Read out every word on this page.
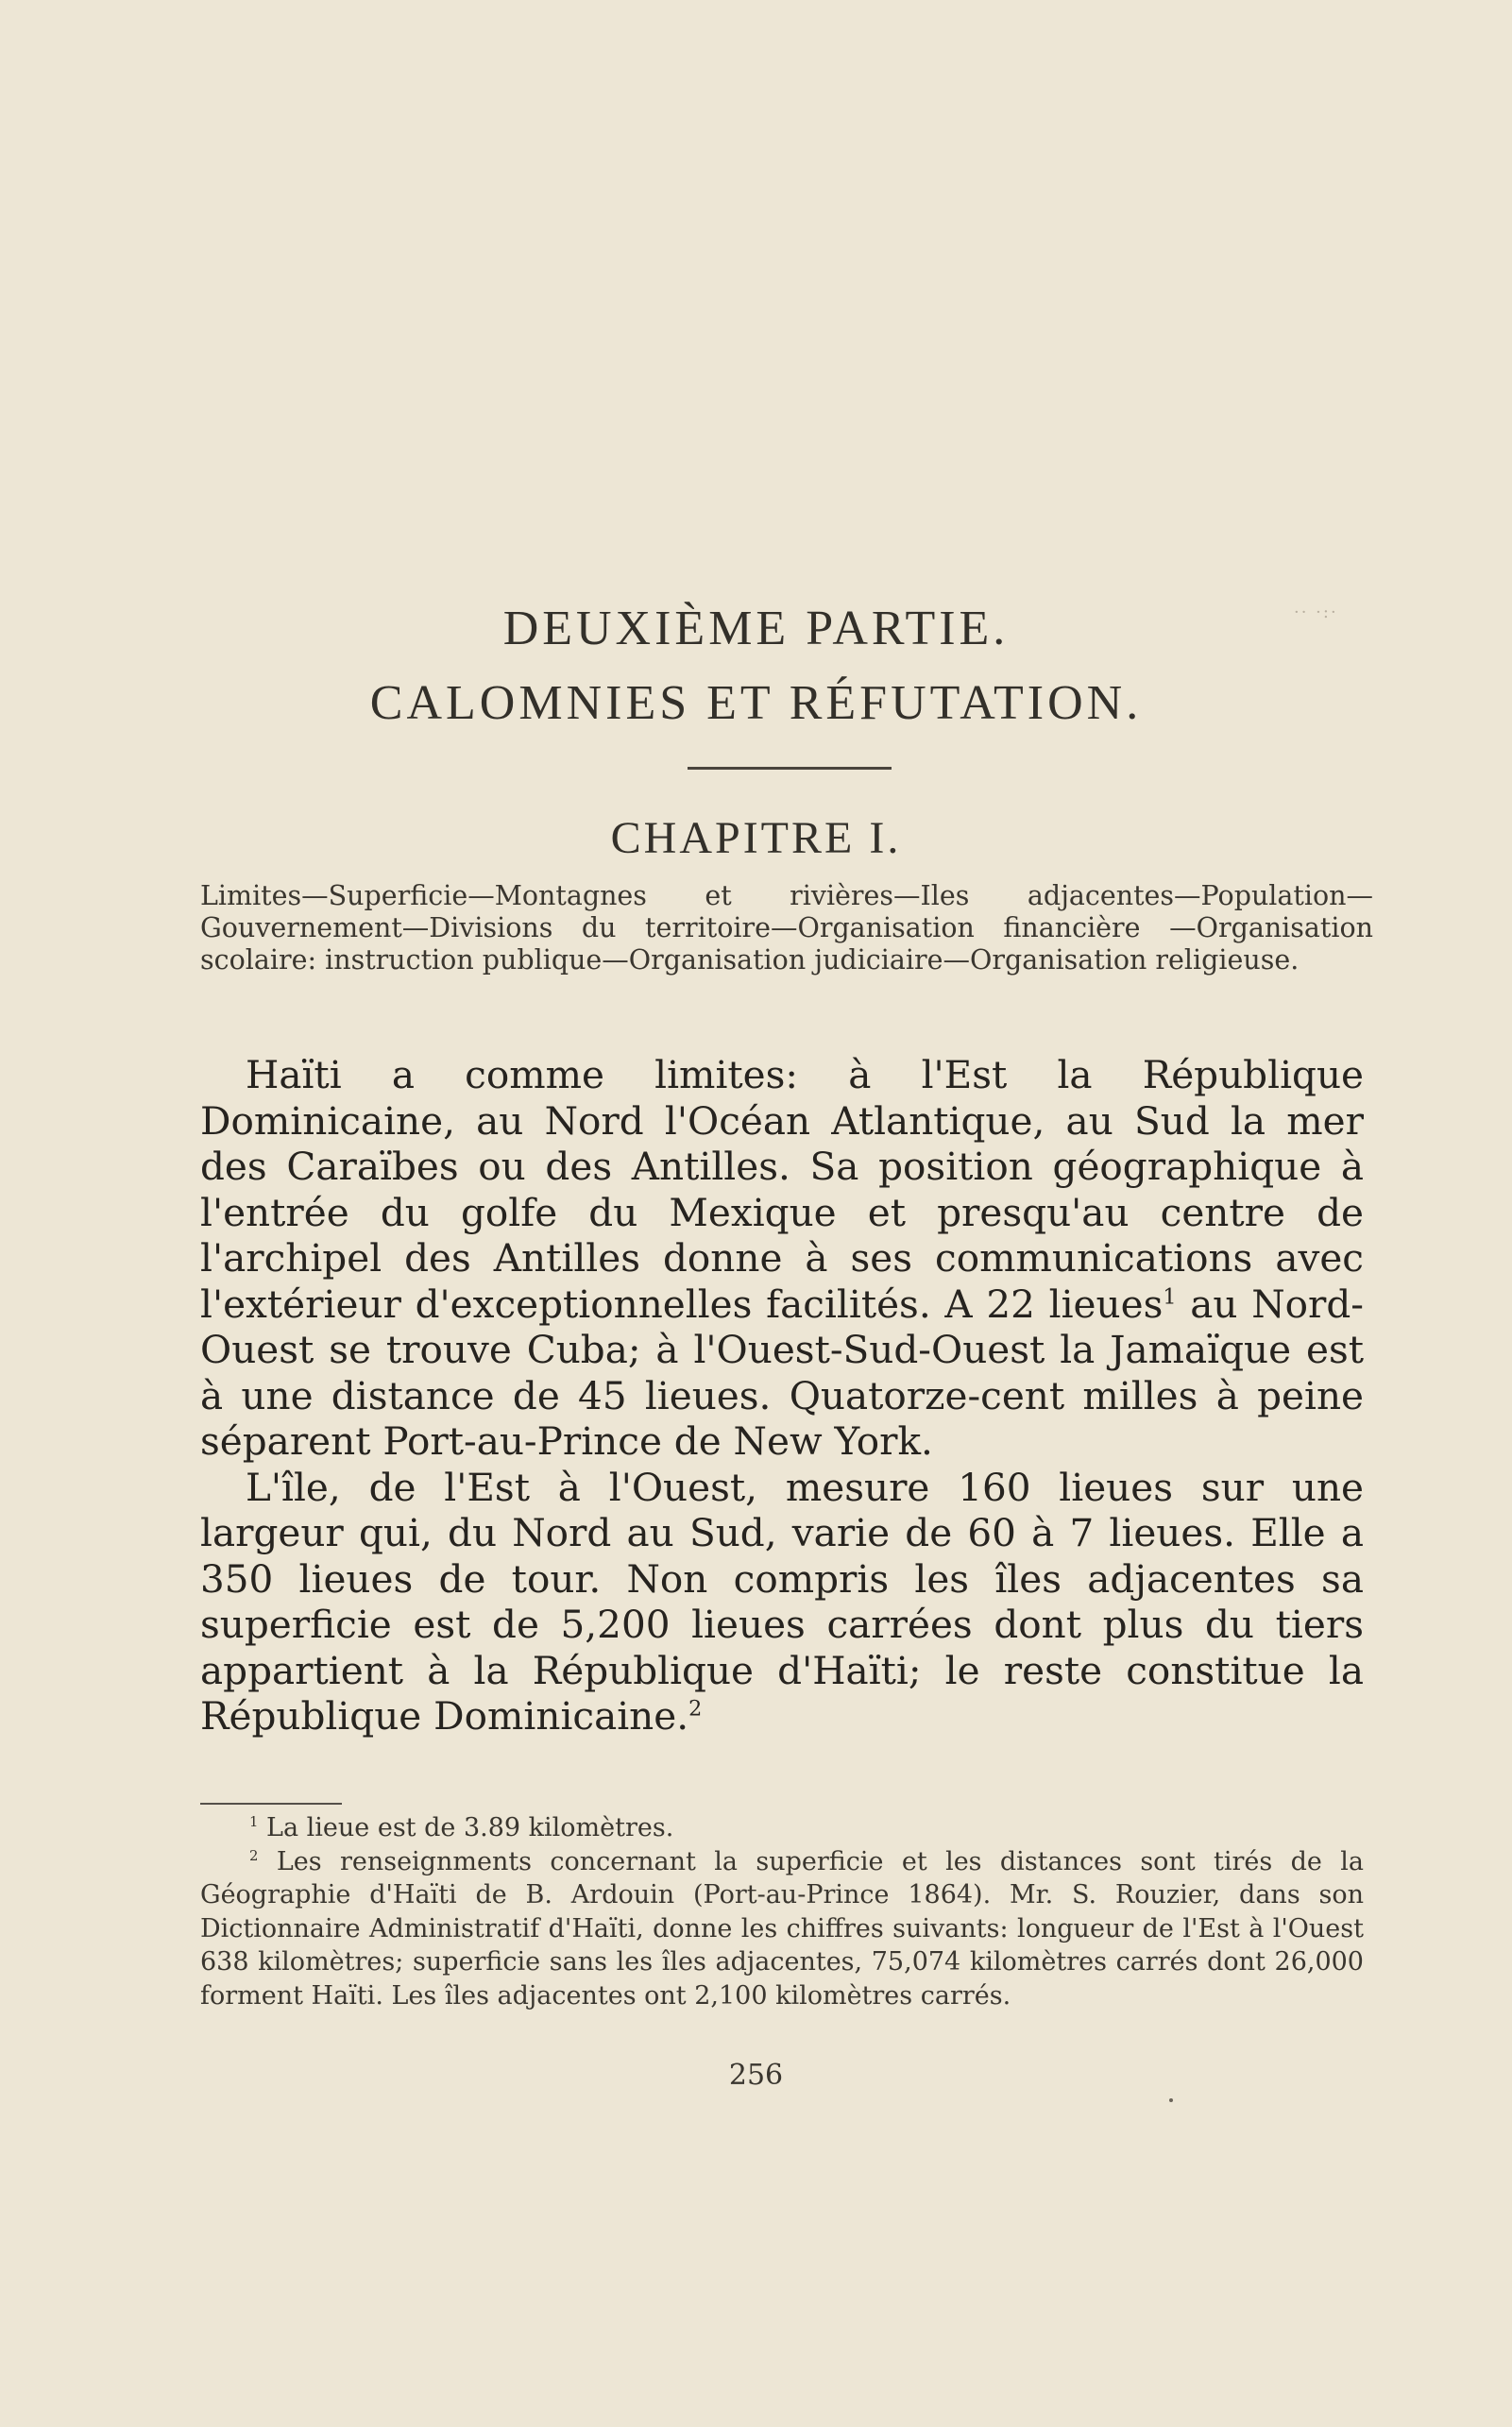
DEUXIÈME PARTIE.
CALOMNIES ET RÉFUTATION.
·· ·:·
CHAPITRE I.
Limites—Superficie—Montagnes et rivières—Iles adjacentes—Population—Gouvernement—Divisions du territoire—Organisation financière —Organisation scolaire: instruction publique—Organisation judiciaire—Organisation religieuse.

Haïti a comme limites: à l'Est la République Dominicaine, au Nord l'Océan Atlantique, au Sud la mer des Caraïbes ou des Antilles. Sa position géographique à l'entrée du golfe du Mexique et presqu'au centre de l'archipel des Antilles donne à ses communications avec l'extérieur d'exceptionnelles facilités. A 22 lieues$^1$ au Nord-Ouest se trouve Cuba; à l'Ouest-Sud-Ouest la Jamaïque est à une distance de 45 lieues. Quatorze-cent milles à peine séparent Port-au-Prince de New York.

L'île, de l'Est à l'Ouest, mesure 160 lieues sur une largeur qui, du Nord au Sud, varie de 60 à 7 lieues. Elle a 350 lieues de tour. Non compris les îles adjacentes sa superficie est de 5,200 lieues carrées dont plus du tiers appartient à la République d'Haïti; le reste constitue la République Dominicaine.$^2$

$^1$ La lieue est de 3.89 kilomètres.

$^2$ Les renseignments concernant la superficie et les distances sont tirés de la Géographie d'Haïti de B. Ardouin (Port-au-Prince 1864). Mr. S. Rouzier, dans son Dictionnaire Administratif d'Haïti, donne les chiffres suivants: longueur de l'Est à l'Ouest 638 kilomètres; superficie sans les îles adjacentes, 75,074 kilomètres carrés dont 26,000 forment Haïti. Les îles adjacentes ont 2,100 kilomètres carrés.

256
